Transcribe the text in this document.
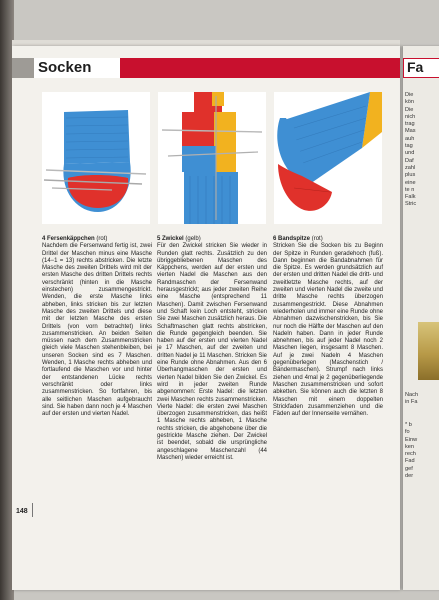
Socken
4 Fersenkäppchen (rot)

Nachdem die Fersenwand fertig ist, zwei Drittel der Maschen minus eine Masche (14−1 = 13) rechts abstricken. Die letzte Masche des zweiten Drittels wird mit der ersten Masche des dritten Drittels rechts verschränkt (hinten in die Masche einstechen) zusammengestrickt. Wenden, die erste Masche links abheben, links stricken bis zur letzten Masche des zweiten Drittels und diese mit der letzten Masche des ersten Drittels (von vorn betrachtet) links zusammenstricken. An beiden Seiten müssen nach dem Zusammenstricken gleich viele Maschen stehenbleiben, bei unseren Socken sind es 7 Maschen. Wenden, 1 Masche rechts abheben und fortlaufend die Maschen vor und hinter der entstandenen Lücke rechts verschränkt oder links zusammenstricken. So fortfahren, bis alle seitlichen Maschen aufgebraucht sind. Sie haben dann noch je 4 Maschen auf der ersten und vierten Nadel.

5 Zwickel (gelb)

Für den Zwickel stricken Sie wieder in Runden glatt rechts. Zusätzlich zu den übriggebliebenen Maschen des Käppchens, werden auf der ersten und vierten Nadel die Maschen aus den Randmaschen der Fersenwand herausgestrickt; aus jeder zweiten Reihe eine Masche (entsprechend 11 Maschen). Damit zwischen Fersenwand und Schaft kein Loch entsteht, stricken Sie zwei Maschen zusätzlich heraus. Die Schaftmaschen glatt rechts abstricken, die Runde gegengleich beenden. Sie haben auf der ersten und vierten Nadel je 17 Maschen, auf der zweiten und dritten Nadel je 11 Maschen. Stricken Sie eine Runde ohne Abnahmen. Aus den 6 Überhangmaschen der ersten und vierten Nadel bilden Sie den Zwickel. Es wird in jeder zweiten Runde abgenommen: Erste Nadel: die letzten zwei Maschen rechts zusammenstricken. Vierte Nadel: die ersten zwei Maschen überzogen zusammenstricken, das heißt 1 Masche rechts abheben, 1 Masche rechts stricken, die abgehobene über die gestrickte Masche ziehen. Der Zwickel ist beendet, sobald die ursprüngliche angeschlagene Maschenzahl (44 Maschen) wieder erreicht ist.

6 Bandspitze (rot)

Stricken Sie die Socken bis zu Beginn der Spitze in Runden geradehoch (fuß). Dann beginnen die Bandabnahmen für die Spitze. Es werden grundsätzlich auf der ersten und dritten Nadel die dritt- und zweitletzte Masche rechts, auf der zweiten und vierten Nadel die zweite und dritte Masche rechts überzogen zusammengestrickt. Diese Abnahmen wiederholen und immer eine Runde ohne Abnahmen dazwischenstricken, bis Sie nur noch die Hälfte der Maschen auf den Nadeln haben. Dann in jeder Runde abnehmen, bis auf jeder Nadel noch 2 Maschen liegen, insgesamt 8 Maschen. Auf je zwei Nadeln 4 Maschen gegenüberlegen (Maschenstich / Bändermaschen). Strumpf nach links ziehen und 4mal je 2 gegenüberliegende Maschen zusammenstricken und sofort abketten. Sie können auch die letzten 8 Maschen mit einem doppelten Strickfaden zusammenziehen und die Fäden auf der Innenseite vernähen.

148
Fa
Die
kön
Die
nich
trag
Mas
auh
tag
und
Daf
zahl
plus
eine
te n
Falk
Stric
Nach
in Fa
* b
fo
Einw
ken
rech
Fad
gef
der
